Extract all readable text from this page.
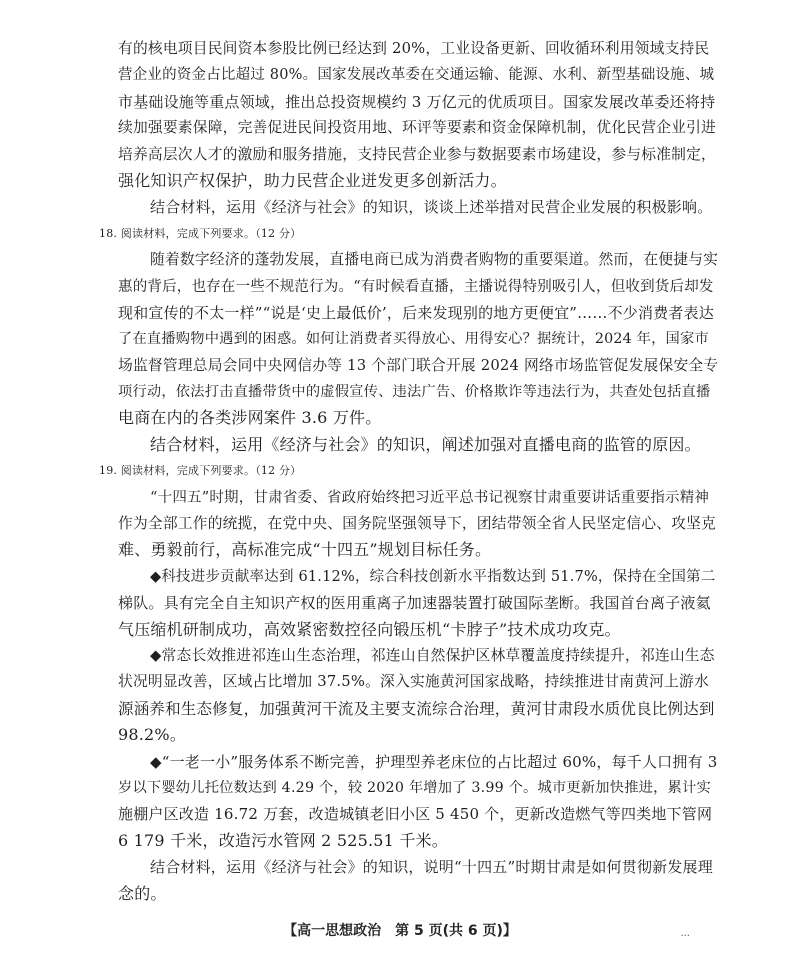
有的核电项目民间资本参股比例已经达到 20%，工业设备更新、回收循环利用领域支持民
营企业的资金占比超过 80%。国家发展改革委在交通运输、能源、水利、新型基础设施、城
市基础设施等重点领域，推出总投资规模约 3 万亿元的优质项目。国家发展改革委还将持
续加强要素保障，完善促进民间投资用地、环评等要素和资金保障机制，优化民营企业引进
培养高层次人才的激励和服务措施，支持民营企业参与数据要素市场建设，参与标准制定，
强化知识产权保护，助力民营企业迸发更多创新活力。
结合材料，运用《经济与社会》的知识，谈谈上述举措对民营企业发展的积极影响。
18. 阅读材料，完成下列要求。（12 分）
随着数字经济的蓬勃发展，直播电商已成为消费者购物的重要渠道。然而，在便捷与实
惠的背后，也存在一些不规范行为。“有时候看直播，主播说得特别吸引人，但收到货后却发
现和宣传的不太一样”“说是‘史上最低价’，后来发现别的地方更便宜”……不少消费者表达
了在直播购物中遇到的困惑。如何让消费者买得放心、用得安心？据统计，2024 年，国家市
场监督管理总局会同中央网信办等 13 个部门联合开展 2024 网络市场监管促发展保安全专
项行动，依法打击直播带货中的虚假宣传、违法广告、价格欺诈等违法行为，共查处包括直播
电商在内的各类涉网案件 3.6 万件。
结合材料，运用《经济与社会》的知识，阐述加强对直播电商的监管的原因。
19. 阅读材料，完成下列要求。（12 分）
“十四五”时期，甘肃省委、省政府始终把习近平总书记视察甘肃重要讲话重要指示精神
作为全部工作的统揽，在党中央、国务院坚强领导下，团结带领全省人民坚定信心、攻坚克
难、勇毅前行，高标准完成“十四五”规划目标任务。
◆科技进步贡献率达到 61.12%，综合科技创新水平指数达到 51.7%，保持在全国第二
梯队。具有完全自主知识产权的医用重离子加速器装置打破国际垄断。我国首台离子液氦
气压缩机研制成功，高效紧密数控径向锻压机“卡脖子”技术成功攻克。
◆常态长效推进祁连山生态治理，祁连山自然保护区林草覆盖度持续提升，祁连山生态
状况明显改善，区域占比增加 37.5%。深入实施黄河国家战略，持续推进甘南黄河上游水
源涵养和生态修复，加强黄河干流及主要支流综合治理，黄河甘肃段水质优良比例达到
98.2%。
◆“一老一小”服务体系不断完善，护理型养老床位的占比超过 60%，每千人口拥有 3
岁以下婴幼儿托位数达到 4.29 个，较 2020 年增加了 3.99 个。城市更新加快推进，累计实
施棚户区改造 16.72 万套，改造城镇老旧小区 5 450 个，更新改造燃气等四类地下管网
6 179 千米，改造污水管网 2 525.51 千米。
结合材料，运用《经济与社会》的知识，说明“十四五”时期甘肃是如何贯彻新发展理
念的。
【高一思想政治　第 5 页(共 6 页)】	...
